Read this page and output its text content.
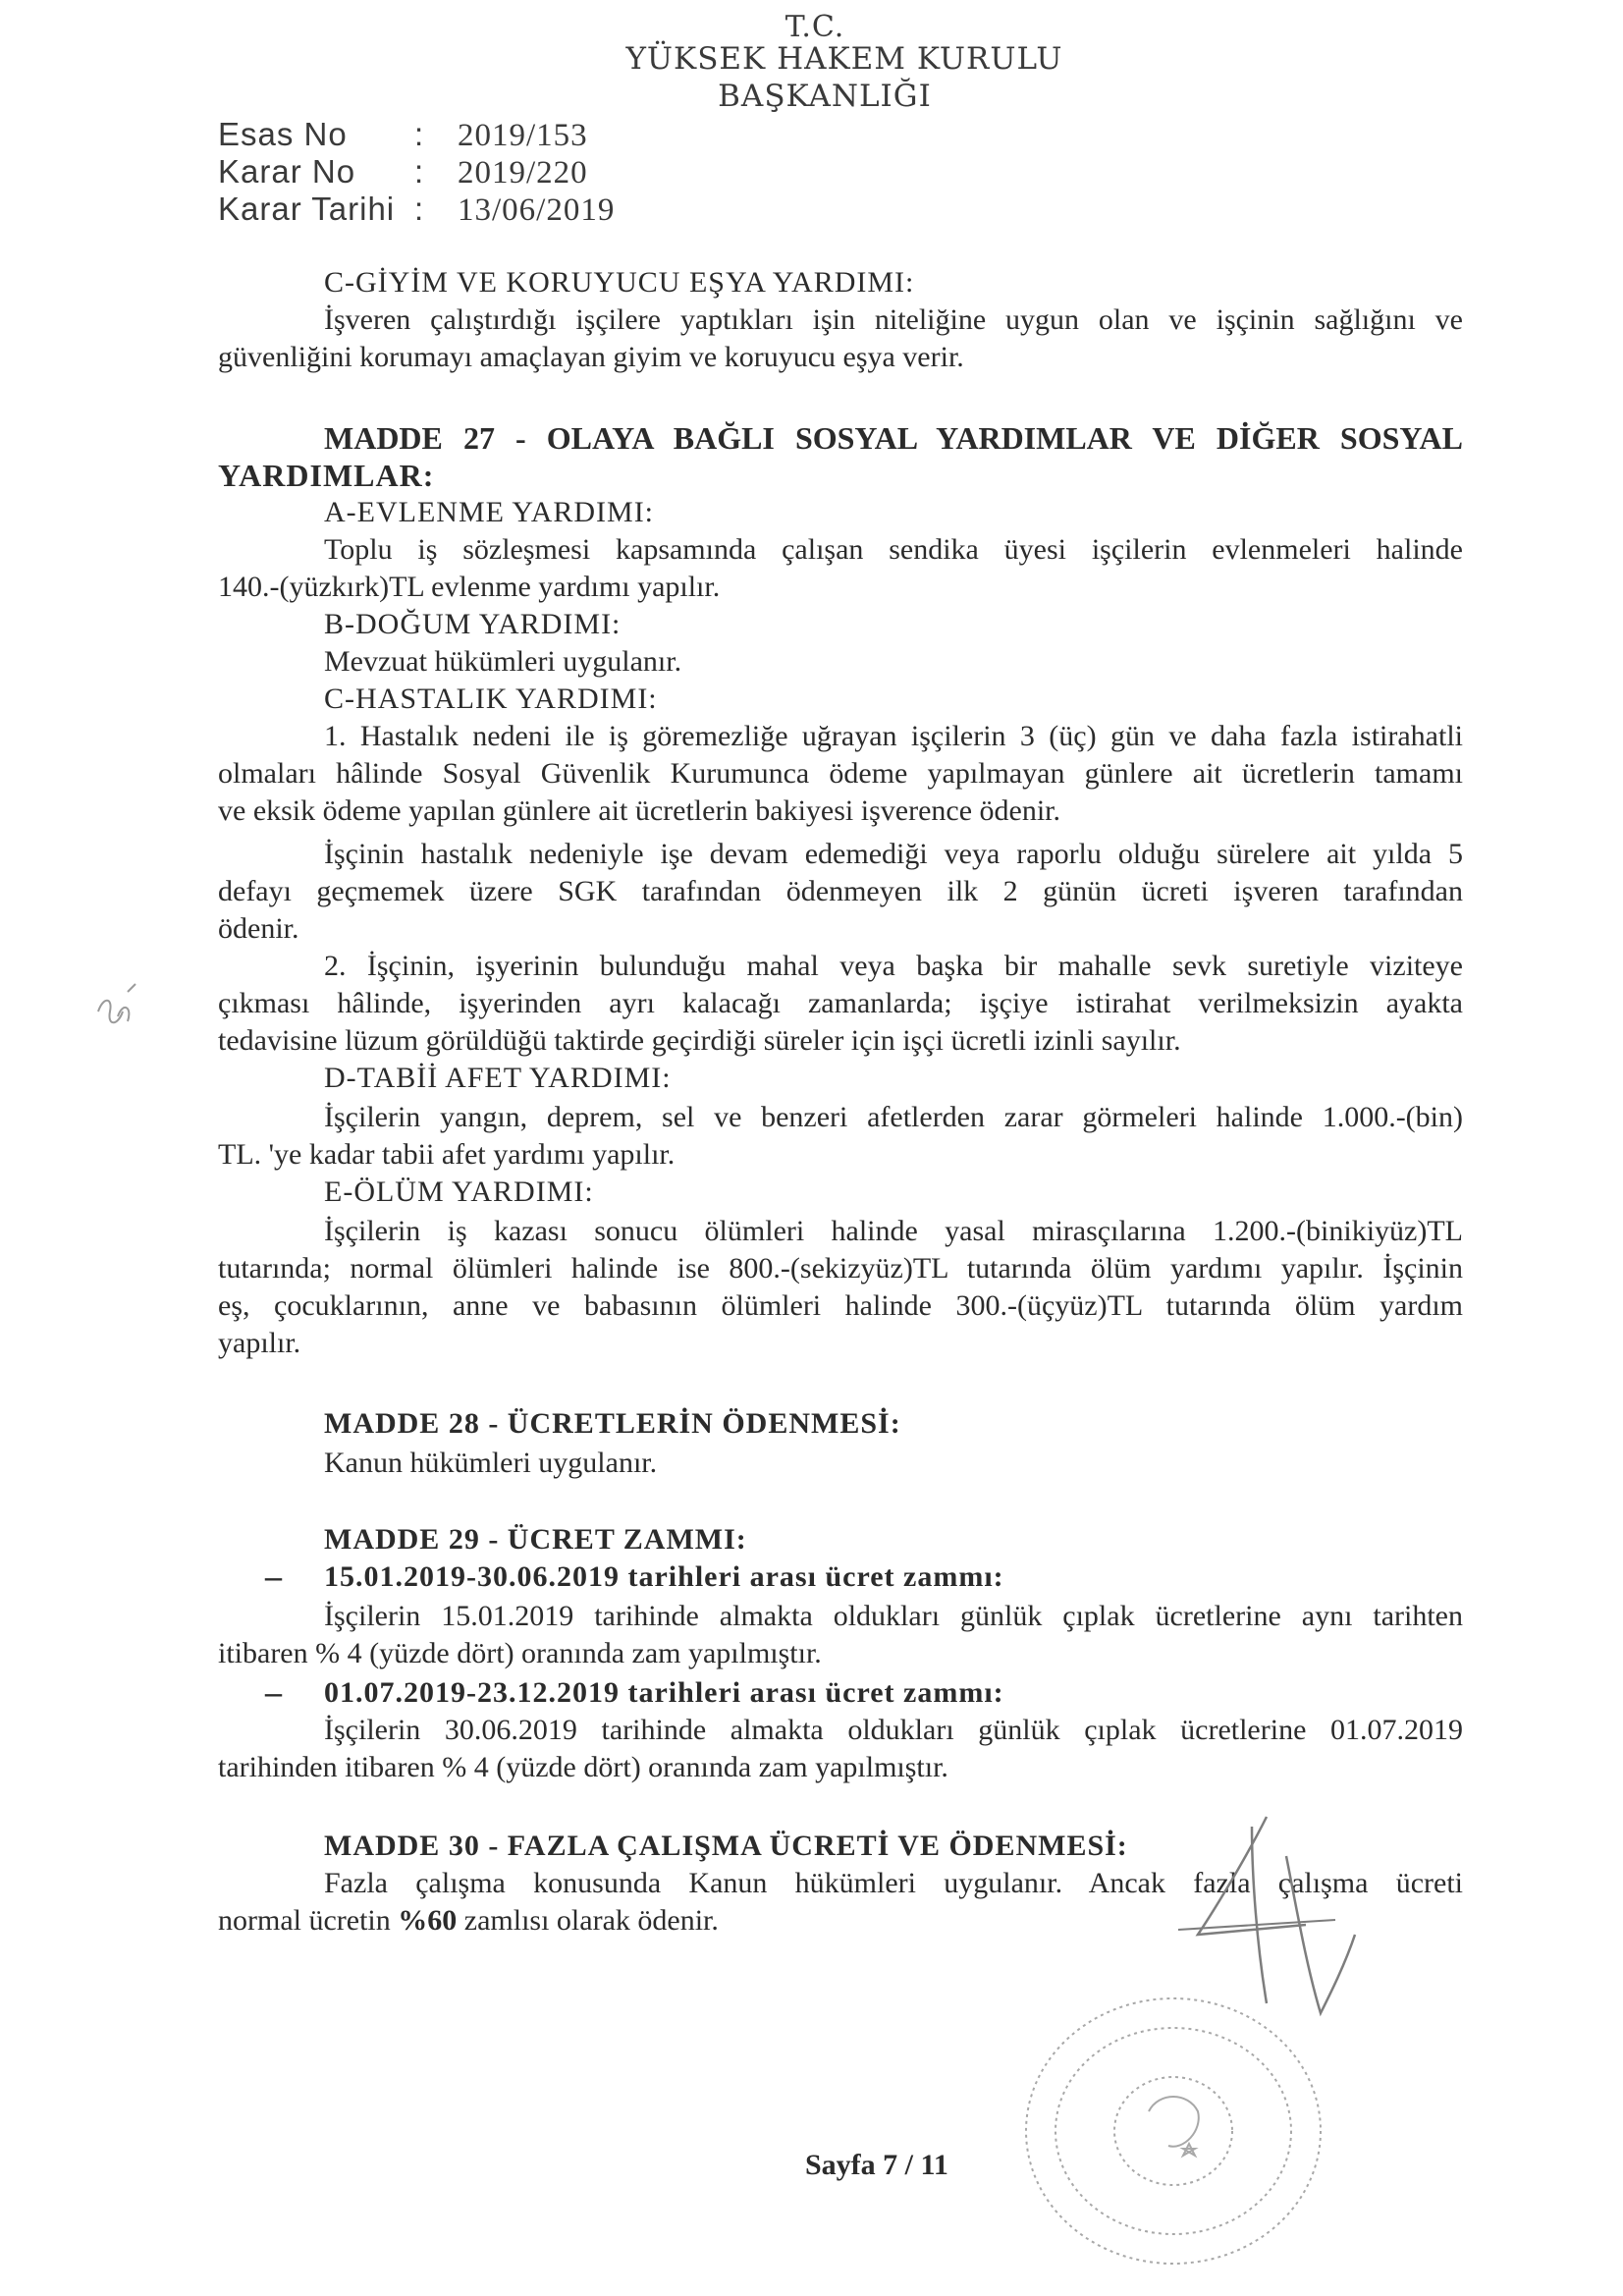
T.C.
YÜKSEK HAKEM KURULU
BAŞKANLIĞI
Esas No : 2019/153
Karar No : 2019/220
Karar Tarihi : 13/06/2019
C-GİYİM VE KORUYUCU EŞYA YARDIMI:
İşveren çalıştırdığı işçilere yaptıkları işin niteliğine uygun olan ve işçinin sağlığını ve
güvenliğini korumayı amaçlayan giyim ve koruyucu eşya verir.
MADDE 27 - OLAYA BAĞLI SOSYAL YARDIMLAR VE DİĞER SOSYAL
YARDIMLAR:
A-EVLENME YARDIMI:
Toplu iş sözleşmesi kapsamında çalışan sendika üyesi işçilerin evlenmeleri halinde
140.-(yüzkırk)TL evlenme yardımı yapılır.
B-DOĞUM YARDIMI:
Mevzuat hükümleri uygulanır.
C-HASTALIK YARDIMI:
1. Hastalık nedeni ile iş göremezliğe uğrayan işçilerin 3 (üç) gün ve daha fazla istirahatli
olmaları hâlinde Sosyal Güvenlik Kurumunca ödeme yapılmayan günlere ait ücretlerin tamamı
ve eksik ödeme yapılan günlere ait ücretlerin bakiyesi işverence ödenir.
İşçinin hastalık nedeniyle işe devam edemediği veya raporlu olduğu sürelere ait yılda 5
defayı geçmemek üzere SGK tarafından ödenmeyen ilk 2 günün ücreti işveren tarafından
ödenir.
2. İşçinin, işyerinin bulunduğu mahal veya başka bir mahalle sevk suretiyle viziteye
çıkması hâlinde, işyerinden ayrı kalacağı zamanlarda; işçiye istirahat verilmeksizin ayakta
tedavisine lüzum görüldüğü taktirde geçirdiği süreler için işçi ücretli izinli sayılır.
D-TABİİ AFET YARDIMI:
İşçilerin yangın, deprem, sel ve benzeri afetlerden zarar görmeleri halinde 1.000.-(bin)
TL. 'ye kadar tabii afet yardımı yapılır.
E-ÖLÜM YARDIMI:
İşçilerin iş kazası sonucu ölümleri halinde yasal mirasçılarına 1.200.-(binikiyüz)TL
tutarında; normal ölümleri halinde ise 800.-(sekizyüz)TL tutarında ölüm yardımı yapılır. İşçinin
eş, çocuklarının, anne ve babasının ölümleri halinde 300.-(üçyüz)TL tutarında ölüm yardım
yapılır.
MADDE 28 - ÜCRETLERİN ÖDENMESİ:
Kanun hükümleri uygulanır.
MADDE 29 - ÜCRET ZAMMI:
– 15.01.2019-30.06.2019 tarihleri arası ücret zammı:
İşçilerin 15.01.2019 tarihinde almakta oldukları günlük çıplak ücretlerine aynı tarihten
itibaren % 4 (yüzde dört) oranında zam yapılmıştır.
– 01.07.2019-23.12.2019 tarihleri arası ücret zammı:
İşçilerin 30.06.2019 tarihinde almakta oldukları günlük çıplak ücretlerine 01.07.2019
tarihinden itibaren % 4 (yüzde dört) oranında zam yapılmıştır.
MADDE 30 - FAZLA ÇALIŞMA ÜCRETİ VE ÖDENMESİ:
Fazla çalışma konusunda Kanun hükümleri uygulanır. Ancak fazla çalışma ücreti
normal ücretin %60 zamlısı olarak ödenir.
Sayfa 7 / 11
